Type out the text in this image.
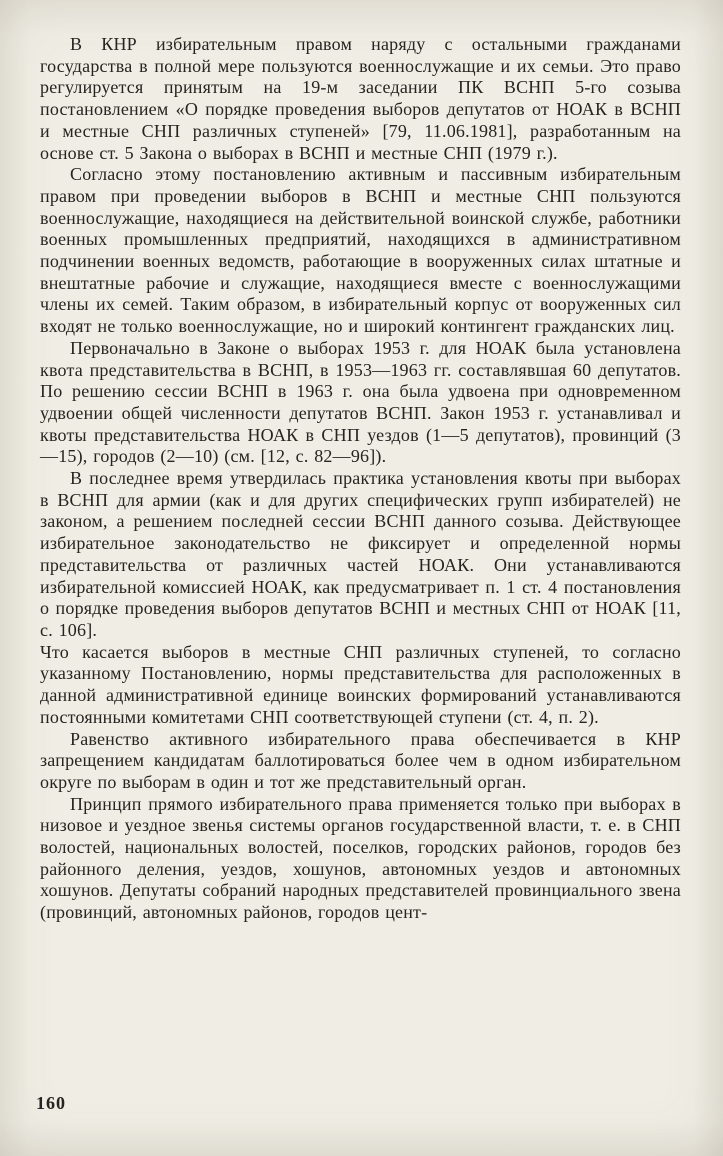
В КНР избирательным правом наряду с остальными гражданами государства в полной мере пользуются военнослужащие и их семьи. Это право регулируется принятым на 19-м заседании ПК ВСНП 5-го созыва постановлением «О порядке проведения выборов депутатов от НОАК в ВСНП и местные СНП различных ступеней» [79, 11.06.1981], разработанным на основе ст. 5 Закона о выборах в ВСНП и местные СНП (1979 г.).

Согласно этому постановлению активным и пассивным избирательным правом при проведении выборов в ВСНП и местные СНП пользуются военнослужащие, находящиеся на действительной воинской службе, работники военных промышленных предприятий, находящихся в административном подчинении военных ведомств, работающие в вооруженных силах штатные и внештатные рабочие и служащие, находящиеся вместе с военнослужащими члены их семей. Таким образом, в избирательный корпус от вооруженных сил входят не только военнослужащие, но и широкий контингент гражданских лиц.

Первоначально в Законе о выборах 1953 г. для НОАК была установлена квота представительства в ВСНП, в 1953—1963 гг. составлявшая 60 депутатов. По решению сессии ВСНП в 1963 г. она была удвоена при одновременном удвоении общей численности депутатов ВСНП. Закон 1953 г. устанавливал и квоты представительства НОАК в СНП уездов (1—5 депутатов), провинций (3—15), городов (2—10) (см. [12, с. 82—96]).

В последнее время утвердилась практика установления квоты при выборах в ВСНП для армии (как и для других специфических групп избирателей) не законом, а решением последней сессии ВСНП данного созыва. Действующее избирательное законодательство не фиксирует и определенной нормы представительства от различных частей НОАК. Они устанавливаются избирательной комиссией НОАК, как предусматривает п. 1 ст. 4 постановления о порядке проведения выборов депутатов ВСНП и местных СНП от НОАК [11, с. 106].

Что касается выборов в местные СНП различных ступеней, то согласно указанному Постановлению, нормы представительства для расположенных в данной административной единице воинских формирований устанавливаются постоянными комитетами СНП соответствующей ступени (ст. 4, п. 2).

Равенство активного избирательного права обеспечивается в КНР запрещением кандидатам баллотироваться более чем в одном избирательном округе по выборам в один и тот же представительный орган.

Принцип прямого избирательного права применяется только при выборах в низовое и уездное звенья системы органов государственной власти, т. е. в СНП волостей, национальных волостей, поселков, городских районов, городов без районного деления, уездов, хошунов, автономных уездов и автономных хошунов. Депутаты собраний народных представителей провинциального звена (провинций, автономных районов, городов цент-

160
